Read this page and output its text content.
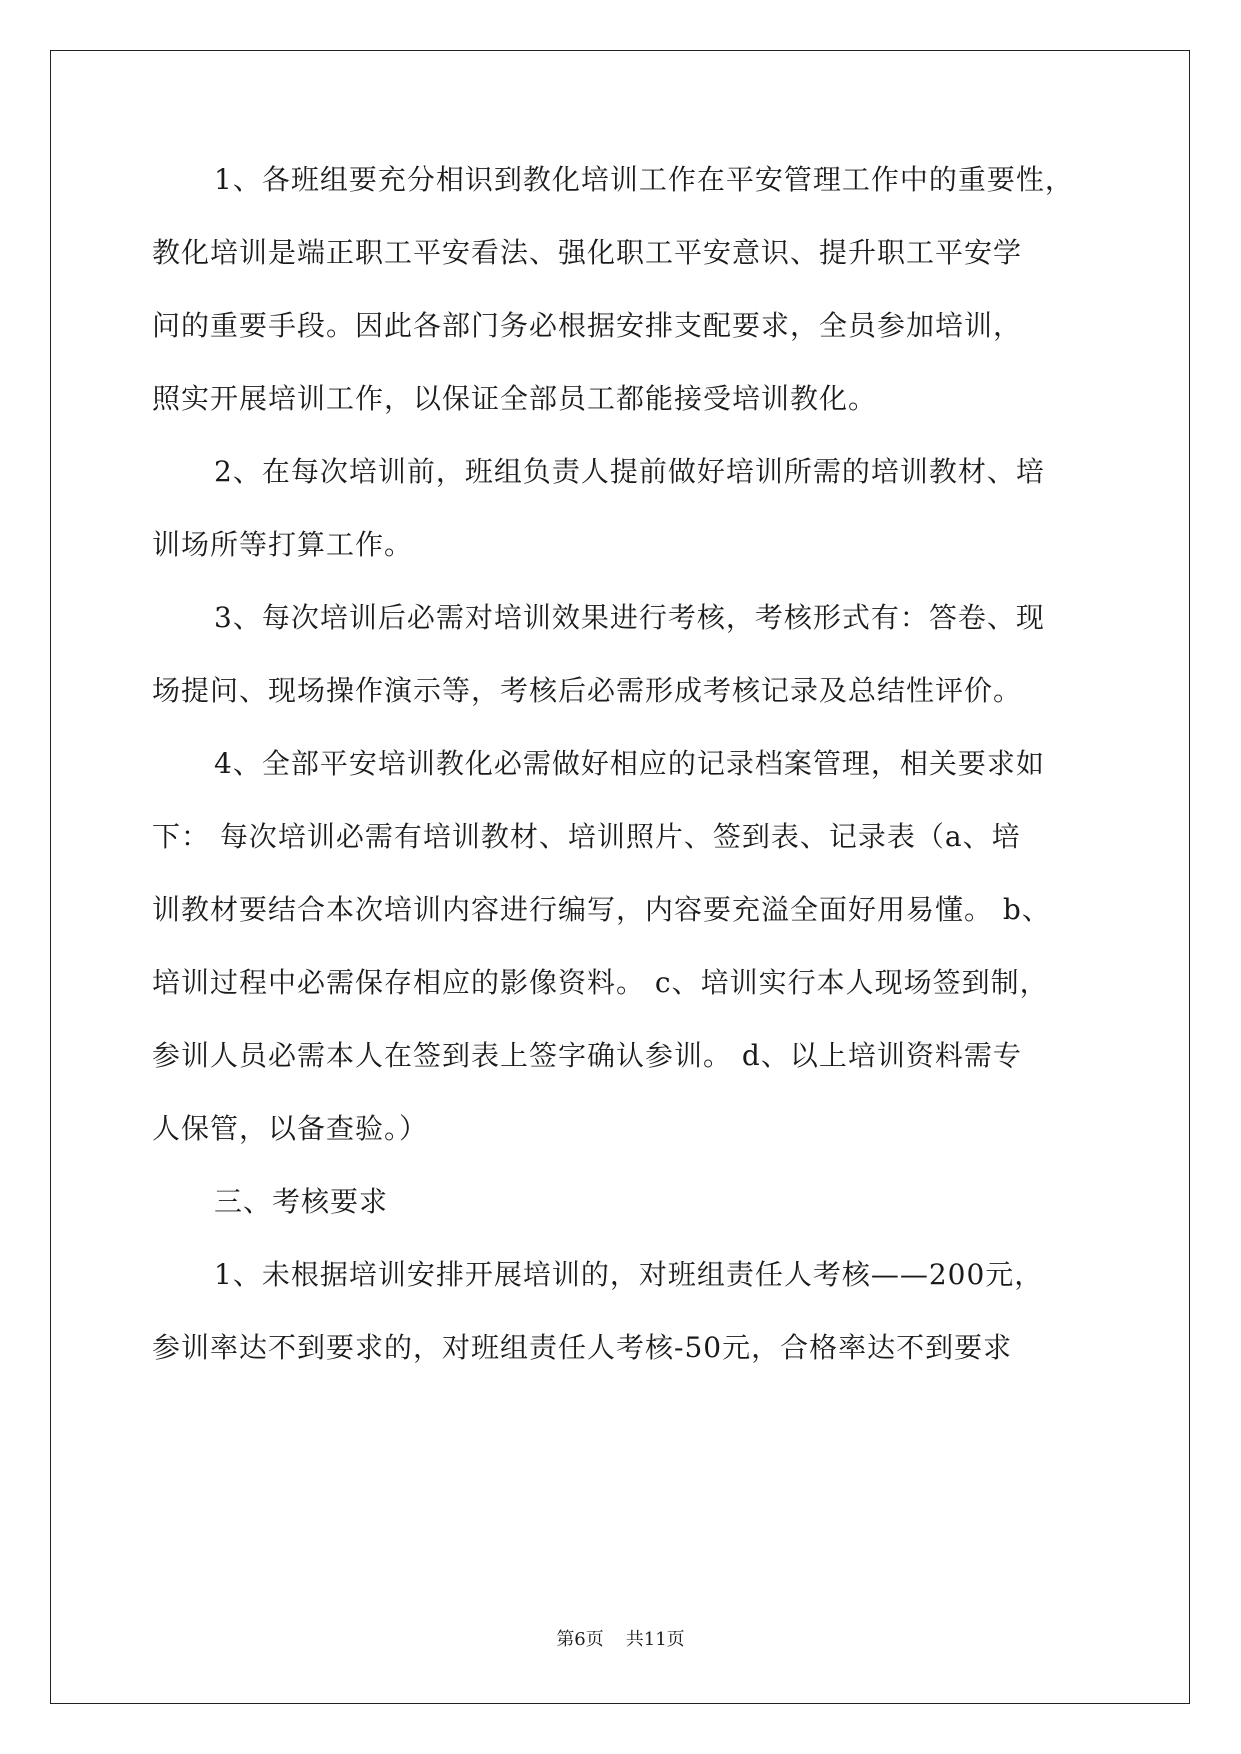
1、各班组要充分相识到教化培训工作在平安管理工作中的重要性，
教化培训是端正职工平安看法、强化职工平安意识、提升职工平安学
问的重要手段。因此各部门务必根据安排支配要求，全员参加培训，
照实开展培训工作，以保证全部员工都能接受培训教化。
2、在每次培训前，班组负责人提前做好培训所需的培训教材、培
训场所等打算工作。
3、每次培训后必需对培训效果进行考核，考核形式有：答卷、现
场提问、现场操作演示等，考核后必需形成考核记录及总结性评价。
4、全部平安培训教化必需做好相应的记录档案管理，相关要求如
下： 每次培训必需有培训教材、培训照片、签到表、记录表（a、培
训教材要结合本次培训内容进行编写，内容要充溢全面好用易懂。 b、
培训过程中必需保存相应的影像资料。 c、培训实行本人现场签到制，
参训人员必需本人在签到表上签字确认参训。 d、以上培训资料需专
人保管，以备查验。）
三、考核要求
1、未根据培训安排开展培训的，对班组责任人考核——200元，
参训率达不到要求的，对班组责任人考核-50元，合格率达不到要求
第6页 共11页
